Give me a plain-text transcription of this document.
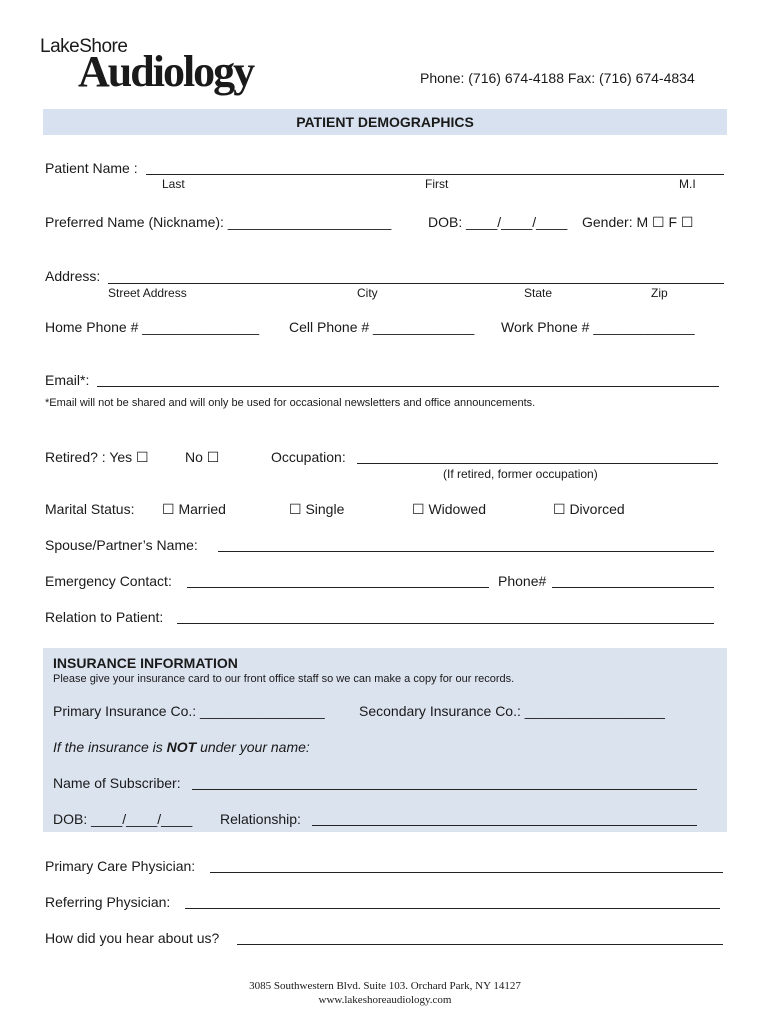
LakeShore
Audiology	Phone: (716) 674-4188 Fax: (716) 674-4834
PATIENT DEMOGRAPHICS
Patient Name :
Last	First	M.I
Preferred Name (Nickname): _____________________	DOB: ____/____/____ Gender: M ☐ F ☐
Address:
Street Address	City	State	Zip
Home Phone # _______________ Cell Phone # _____________ Work Phone # _____________
Email*:
*Email will not be shared and will only be used for occasional newsletters and office announcements.
Retired? : Yes ☐	No ☐	Occupation:
(If retired, former occupation)
Marital Status: ☐ Married	☐ Single	☐ Widowed	☐ Divorced
Spouse/Partner’s Name:
Emergency Contact:	Phone#
Relation to Patient:
INSURANCE INFORMATION
Please give your insurance card to our front office staff so we can make a copy for our records.
Primary Insurance Co.: ________________ Secondary Insurance Co.: __________________
If the insurance is NOT under your name:
Name of Subscriber:
DOB: ____/____/____ Relationship:
Primary Care Physician:
Referring Physician:
How did you hear about us?
3085 Southwestern Blvd. Suite 103. Orchard Park, NY 14127
www.lakeshoreaudiology.com
